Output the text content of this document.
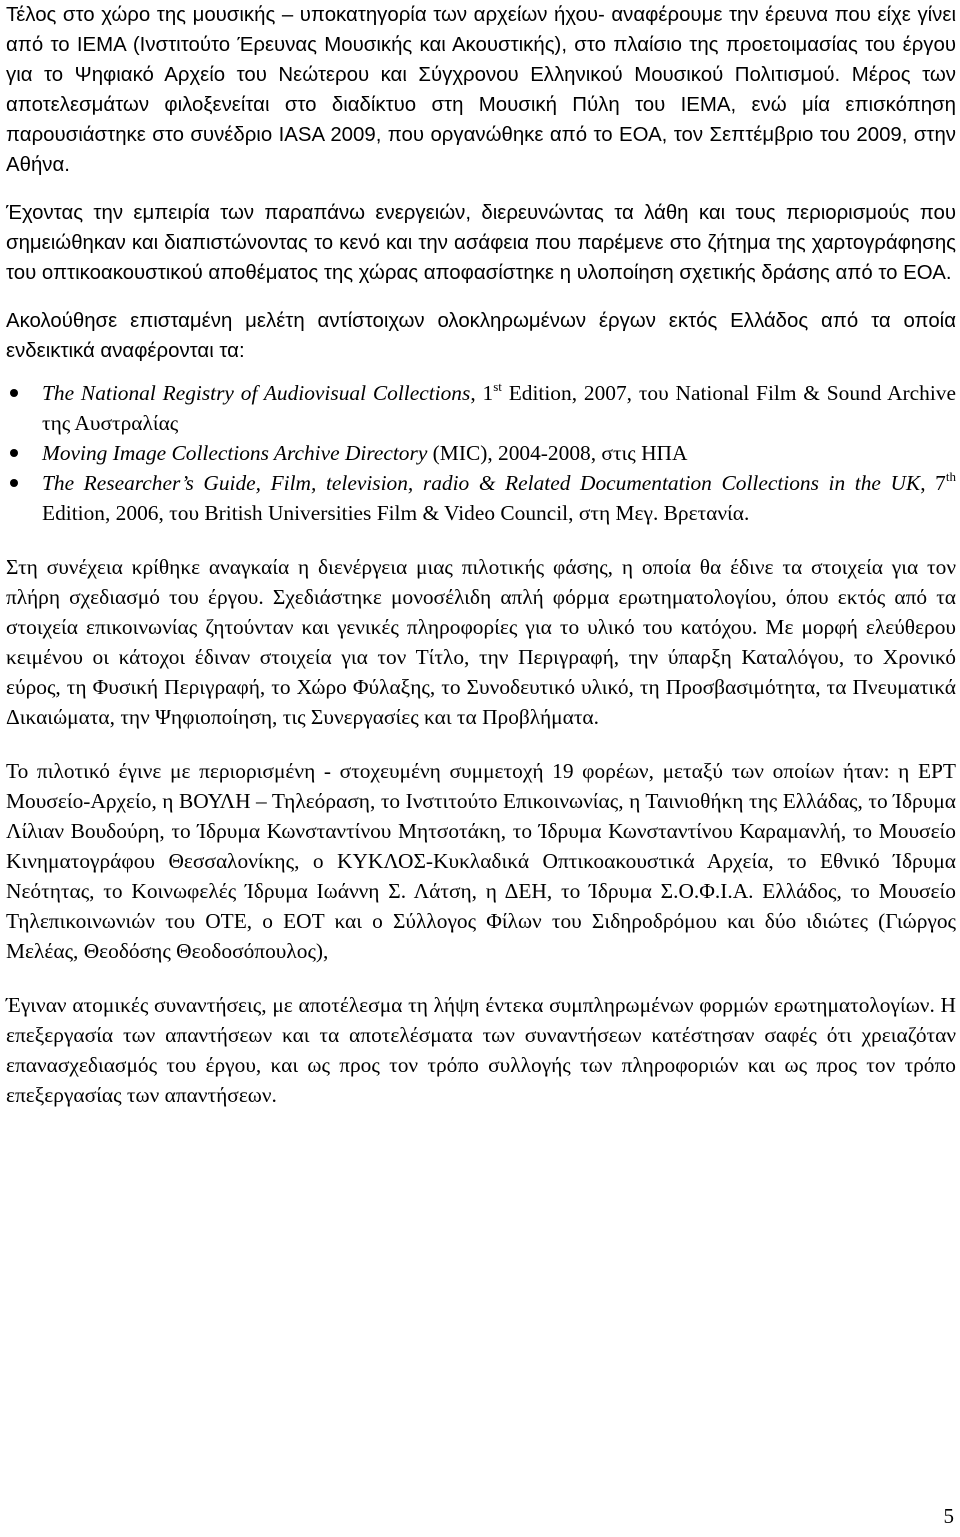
Τέλος στο χώρο της μουσικής – υποκατηγορία των αρχείων ήχου- αναφέρουμε την έρευνα που είχε γίνει από το ΙΕΜΑ (Ινστιτούτο Έρευνας Μουσικής και Ακουστικής), στο πλαίσιο της προετοιμασίας του έργου για το Ψηφιακό Αρχείο του Νεώτερου και Σύγχρονου Ελληνικού Μουσικού Πολιτισμού. Μέρος των αποτελεσμάτων φιλοξενείται στο διαδίκτυο στη Μουσική Πύλη του ΙΕΜΑ, ενώ μία επισκόπηση παρουσιάστηκε στο συνέδριο IASA 2009, που οργανώθηκε από το ΕΟΑ, τον Σεπτέμβριο του 2009, στην Αθήνα.

Έχοντας την εμπειρία των παραπάνω ενεργειών, διερευνώντας τα λάθη και τους περιορισμούς που σημειώθηκαν και διαπιστώνοντας το κενό και την ασάφεια που παρέμενε στο ζήτημα της χαρτογράφησης του οπτικοακουστικού αποθέματος της χώρας αποφασίστηκε η υλοποίηση σχετικής δράσης από το ΕΟΑ.

Ακολούθησε επισταμένη μελέτη αντίστοιχων ολοκληρωμένων έργων εκτός Ελλάδος από τα οποία ενδεικτικά αναφέρονται τα:

The National Registry of Audiovisual Collections, 1st Edition, 2007, του National Film & Sound Archive της Αυστραλίας
Moving Image Collections Archive Directory (MIC), 2004-2008, στις ΗΠΑ
The Researcher’s Guide, Film, television, radio & Related Documentation Collections in the UK, 7th Edition, 2006, του British Universities Film & Video Council, στη Μεγ. Βρετανία.

Στη συνέχεια κρίθηκε αναγκαία η διενέργεια μιας πιλοτικής φάσης, η οποία θα έδινε τα στοιχεία για τον πλήρη σχεδιασμό του έργου. Σχεδιάστηκε μονοσέλιδη απλή φόρμα ερωτηματολογίου, όπου εκτός από τα στοιχεία επικοινωνίας ζητούνταν και γενικές πληροφορίες για το υλικό του κατόχου. Με μορφή ελεύθερου κειμένου οι κάτοχοι έδιναν στοιχεία για τον Τίτλο, την Περιγραφή, την ύπαρξη Καταλόγου, το Χρονικό εύρος, τη Φυσική Περιγραφή, το Χώρο Φύλαξης, το Συνοδευτικό υλικό, τη Προσβασιμότητα, τα Πνευματικά Δικαιώματα, την Ψηφιοποίηση, τις Συνεργασίες και τα Προβλήματα.

Το πιλοτικό έγινε με περιορισμένη - στοχευμένη συμμετοχή 19 φορέων, μεταξύ των οποίων ήταν: η ΕΡΤ Μουσείο-Αρχείο, η ΒΟΥΛΗ – Τηλεόραση, το Ινστιτούτο Επικοινωνίας, η Ταινιοθήκη της Ελλάδας, το Ίδρυμα Λίλιαν Βουδούρη, το Ίδρυμα Κωνσταντίνου Μητσοτάκη, το Ίδρυμα Κωνσταντίνου Καραμανλή, το Μουσείο Κινηματογράφου Θεσσαλονίκης, ο ΚΥΚΛΟΣ-Κυκλαδικά Οπτικοακουστικά Αρχεία, το Εθνικό Ίδρυμα Νεότητας, το Κοινωφελές Ίδρυμα Ιωάννη Σ. Λάτση, η ΔΕΗ, το Ίδρυμα Σ.Ο.Φ.Ι.Α. Ελλάδος, το Μουσείο Τηλεπικοινωνιών του ΟΤΕ, ο ΕΟΤ και ο Σύλλογος Φίλων του Σιδηροδρόμου και δύο ιδιώτες (Γιώργος Μελέας, Θεοδόσης Θεοδοσόπουλος),

Έγιναν ατομικές συναντήσεις, με αποτέλεσμα τη λήψη έντεκα συμπληρωμένων φορμών ερωτηματολογίων. Η επεξεργασία των απαντήσεων και τα αποτελέσματα των συναντήσεων κατέστησαν σαφές ότι χρειαζόταν επανασχεδιασμός του έργου, και ως προς τον τρόπο συλλογής των πληροφοριών και ως προς τον τρόπο επεξεργασίας των απαντήσεων.

5
